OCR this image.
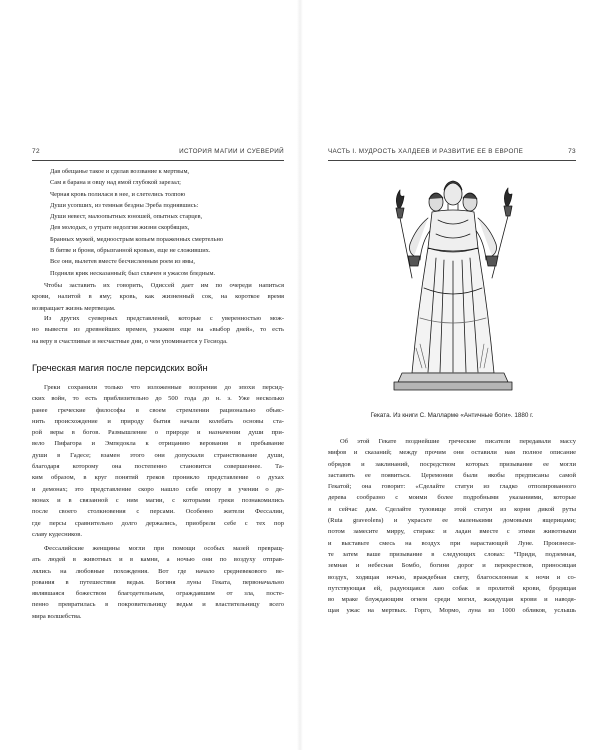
72	ИСТОРИЯ МАГИИ И СУЕВЕРИЙ
Дав обещанье такое и сделав воззвание к мертвым,
Сам я барана и овцу над ямой глубокой зарезал;
Черная кровь полилася в нее, и слетелись толпою
Души усопших, из темныя бездны Эреба поднявшись:
Души невест, малоопытных юношей, опытных старцев,
Дев молодых, о утрате недолгия жизни скорбящих,
Бранных мужей, медноострым копьем пораженных смертельно
В битве и броня, обрызганной кровью, еще не сложивших.
Все они, вылетев вместе бесчисленным роем из ямы,
Подняли крик несказанный; был схвачен я ужасом бледным.
Чтобы заставить их говорить, Одиссей дает им по очереди напиться
крови, налитой в яму; кровь, как жизненный сок, на короткое время
возвращает жизнь мертвецам.
Из других суеверных представлений, которые с уверенностью мож-
но вывести из древнейших времен, укажем еще на «выбор дней», то есть
на веру в счастливые и несчастные дни, о чем упоминается у Гесиода.
Греческая магия после персидских войн
Греки сохранили только что изложенные воззрения до эпохи персид-
ских войн, то есть приблизительно до 500 года до н. э. Уже несколько
ранее греческие философы в своем стремлении рационально объяс-
нить происхождение и природу бытия начали колебать основы ста-
рой веры в богов. Размышление о природе и назначении души при-
вело Пифагора и Эмпедокла к отрицанию верования в пребывание
души в Гадесе; взамен этого они допускали странствование души,
благодаря которому она постепенно становится совершеннее. Та-
ким образом, в круг понятий греков проникло представление о духах
и демонах; это представление скоро нашло себе опору в учении о де-
монах и в связанной с ним магии, с которыми греки познакомились
после своего столкновения с персами. Особенно жители Фессалии,
где персы сравнительно долго держались, приобрели себе с тех пор
славу кудесников.
Фессалийские женщины могли при помощи особых мазей превращ-
ать людей в животных и в камни, а ночью они по воздуху отправ-
лялись на любовные похождения. Вот где начало средневекового ве-
рования в путешествия ведьм. Богиня луны Геката, первоначально
являвшаяся божеством благодетельным, ограждавшим от зла, посте-
пенно превратилась в покровительницу ведьм и властительницу всего
мира волшебства.
ЧАСТЬ I. МУДРОСТЬ ХАЛДЕЕВ И РАЗВИТИЕ ЕЕ В ЕВРОПЕ	73
Геката. Из книги С. Малларме «Античные боги». 1880 г.
Об этой Гекате позднейшие греческие писатели передавали массу
мифов и сказаний; между прочим они оставили нам полное описание
обрядов и заклинаний, посредством которых призывание ее могли
заставить ее появиться. Церемонии были якобы предписаны самой
Гекатой; она говорит: «Сделайте статуи из гладко отполированного
дерева сообразно с моими более подробными указаниями, которые
я сейчас дам. Сделайте туловище этой статуи из корня дикой руты
(Ruta graveolens) и украсьте ее маленькими домовыми ящерицами;
потом замесите мирру, стиракс и ладан вместе с этими животными
и выставьте смесь на воздух при нарастающей Луне. Произнеси-
те затем ваше призывание в следующих словах: “Приди, подземная,
земная и небесная Бомбо, богиня дорог и перекрестков, приносящая
воздух, ходящая ночью, враждебная свету, благосклонная к ночи и со-
путствующая ей, радующаяся лаю собак и пролитой крови, бродящая
во мраке блуждающим огнем среди могил, жаждущая крови и наводя-
щая ужас на мертвых. Горго, Мормо, луна из 1000 обликов, услышь
